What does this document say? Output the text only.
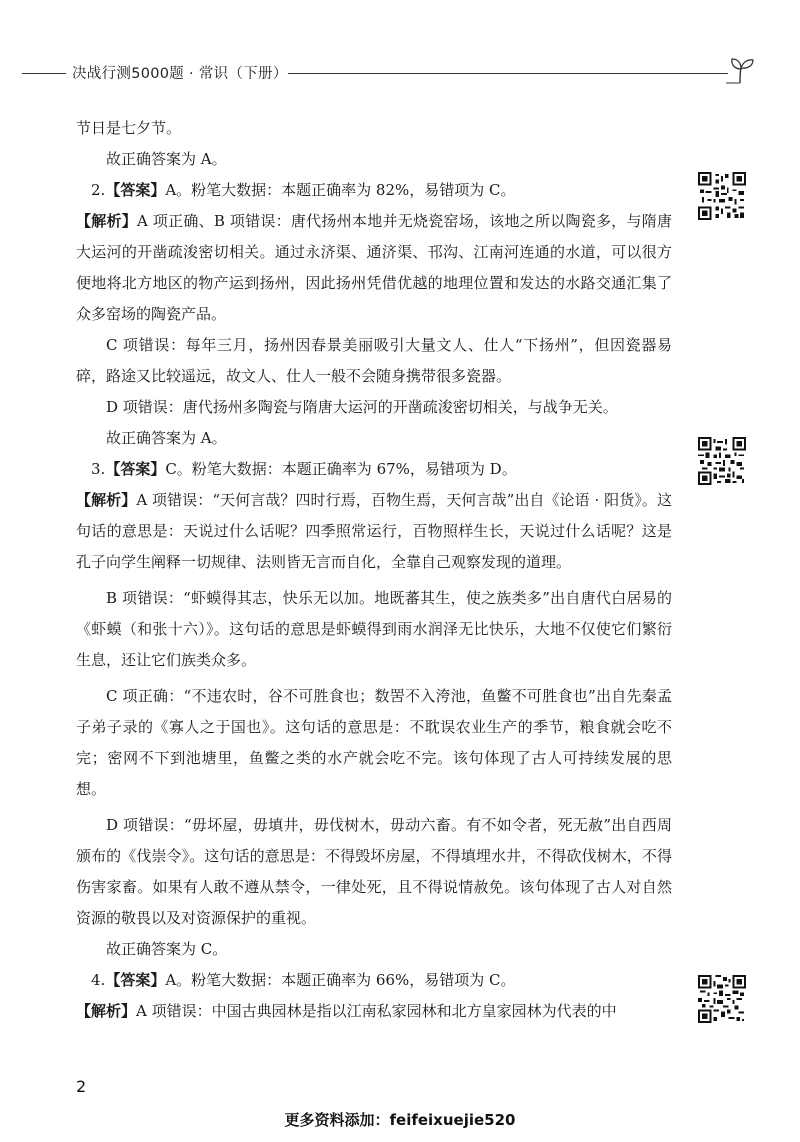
决战行测5000题 · 常识（下册）

节日是七夕节。

故正确答案为 A。

2.【答案】A。粉笔大数据：本题正确率为 82%，易错项为 C。

【解析】A 项正确、B 项错误：唐代扬州本地并无烧瓷窑场，该地之所以陶瓷多，与隋唐大运河的开凿疏浚密切相关。通过永济渠、通济渠、邗沟、江南河连通的水道，可以很方便地将北方地区的物产运到扬州，因此扬州凭借优越的地理位置和发达的水路交通汇集了众多窑场的陶瓷产品。

C 项错误：每年三月，扬州因春景美丽吸引大量文人、仕人“下扬州”，但因瓷器易碎，路途又比较遥远，故文人、仕人一般不会随身携带很多瓷器。

D 项错误：唐代扬州多陶瓷与隋唐大运河的开凿疏浚密切相关，与战争无关。

故正确答案为 A。

3.【答案】C。粉笔大数据：本题正确率为 67%，易错项为 D。

【解析】A 项错误：“天何言哉？四时行焉，百物生焉，天何言哉”出自《论语 · 阳货》。这句话的意思是：天说过什么话呢？四季照常运行，百物照样生长，天说过什么话呢？这是孔子向学生阐释一切规律、法则皆无言而自化，全靠自己观察发现的道理。

B 项错误：“虾蟆得其志，快乐无以加。地既蕃其生，使之族类多”出自唐代白居易的《虾蟆（和张十六）》。这句话的意思是虾蟆得到雨水润泽无比快乐，大地不仅使它们繁衍生息，还让它们族类众多。

C 项正确：“不违农时，谷不可胜食也；数罟不入洿池，鱼鳖不可胜食也”出自先秦孟子弟子录的《寡人之于国也》。这句话的意思是：不耽误农业生产的季节，粮食就会吃不完；密网不下到池塘里，鱼鳖之类的水产就会吃不完。该句体现了古人可持续发展的思想。

D 项错误：“毋坏屋，毋填井，毋伐树木，毋动六畜。有不如令者，死无赦”出自西周颁布的《伐崇令》。这句话的意思是：不得毁坏房屋，不得填埋水井，不得砍伐树木，不得伤害家畜。如果有人敢不遵从禁令，一律处死，且不得说情赦免。该句体现了古人对自然资源的敬畏以及对资源保护的重视。

故正确答案为 C。

4.【答案】A。粉笔大数据：本题正确率为 66%，易错项为 C。

【解析】A 项错误：中国古典园林是指以江南私家园林和北方皇家园林为代表的中

2
更多资料添加：feifeixuejie520
